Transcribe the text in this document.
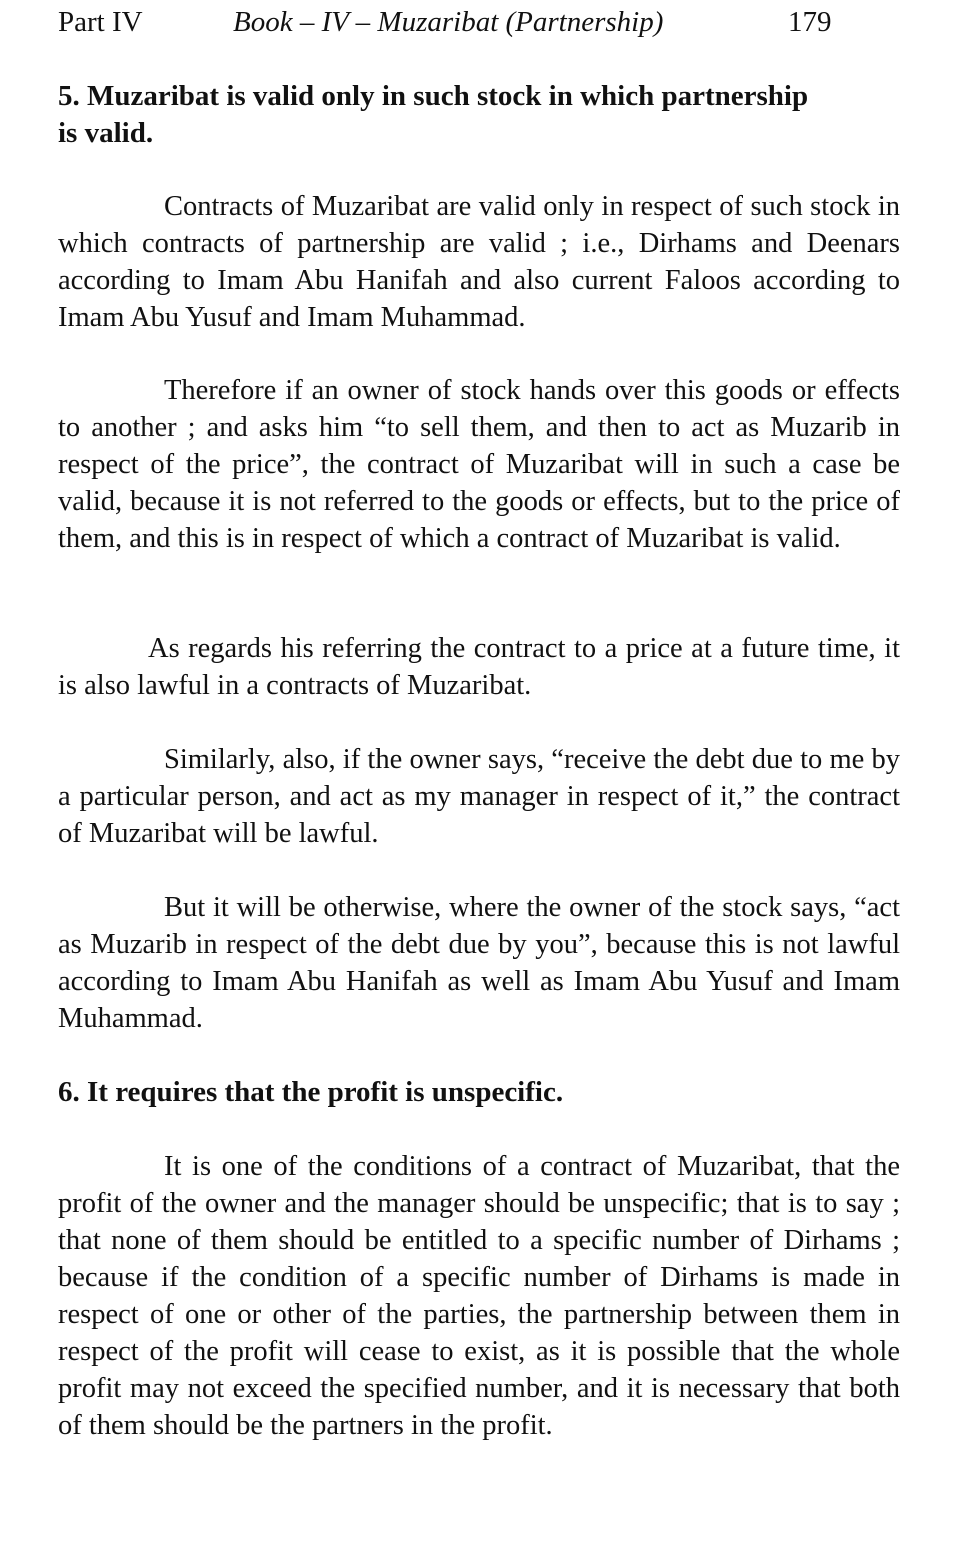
Part IV	Book – IV – Muzaribat (Partnership)	179
5. Muzaribat is valid only in such stock in which partnership is valid.

Contracts of Muzaribat are valid only in respect of such stock in which contracts of partnership are valid ; i.e., Dirhams and Deenars according to Imam Abu Hanifah and also current Faloos according to Imam Abu Yusuf and Imam Muhammad.

Therefore if an owner of stock hands over this goods or effects to another ; and asks him “to sell them, and then to act as Muzarib in respect of the price”, the contract of Muzaribat will in such a case be valid, because it is not referred to the goods or effects, but to the price of them, and this is in respect of which a contract of Muzaribat is valid.

As regards his referring the contract to a price at a future time, it is also lawful in a contracts of Muzaribat.

Similarly, also, if the owner says, “receive the debt due to me by a particular person, and act as my manager in respect of it,” the contract of Muzaribat will be lawful.

But it will be otherwise, where the owner of the stock says, “act as Muzarib in respect of the debt due by you”, because this is not lawful according to Imam Abu Hanifah as well as Imam Abu Yusuf and Imam Muhammad.

6. It requires that the profit is unspecific.

It is one of the conditions of a contract of Muzaribat, that the profit of the owner and the manager should be unspecific; that is to say ; that none of them should be entitled to a specific number of Dirhams ; because if the condition of a specific number of Dirhams is made in respect of one or other of the parties, the partnership between them in respect of the profit will cease to exist, as it is possible that the whole profit may not exceed the specified number, and it is necessary that both of them should be the partners in the profit.
